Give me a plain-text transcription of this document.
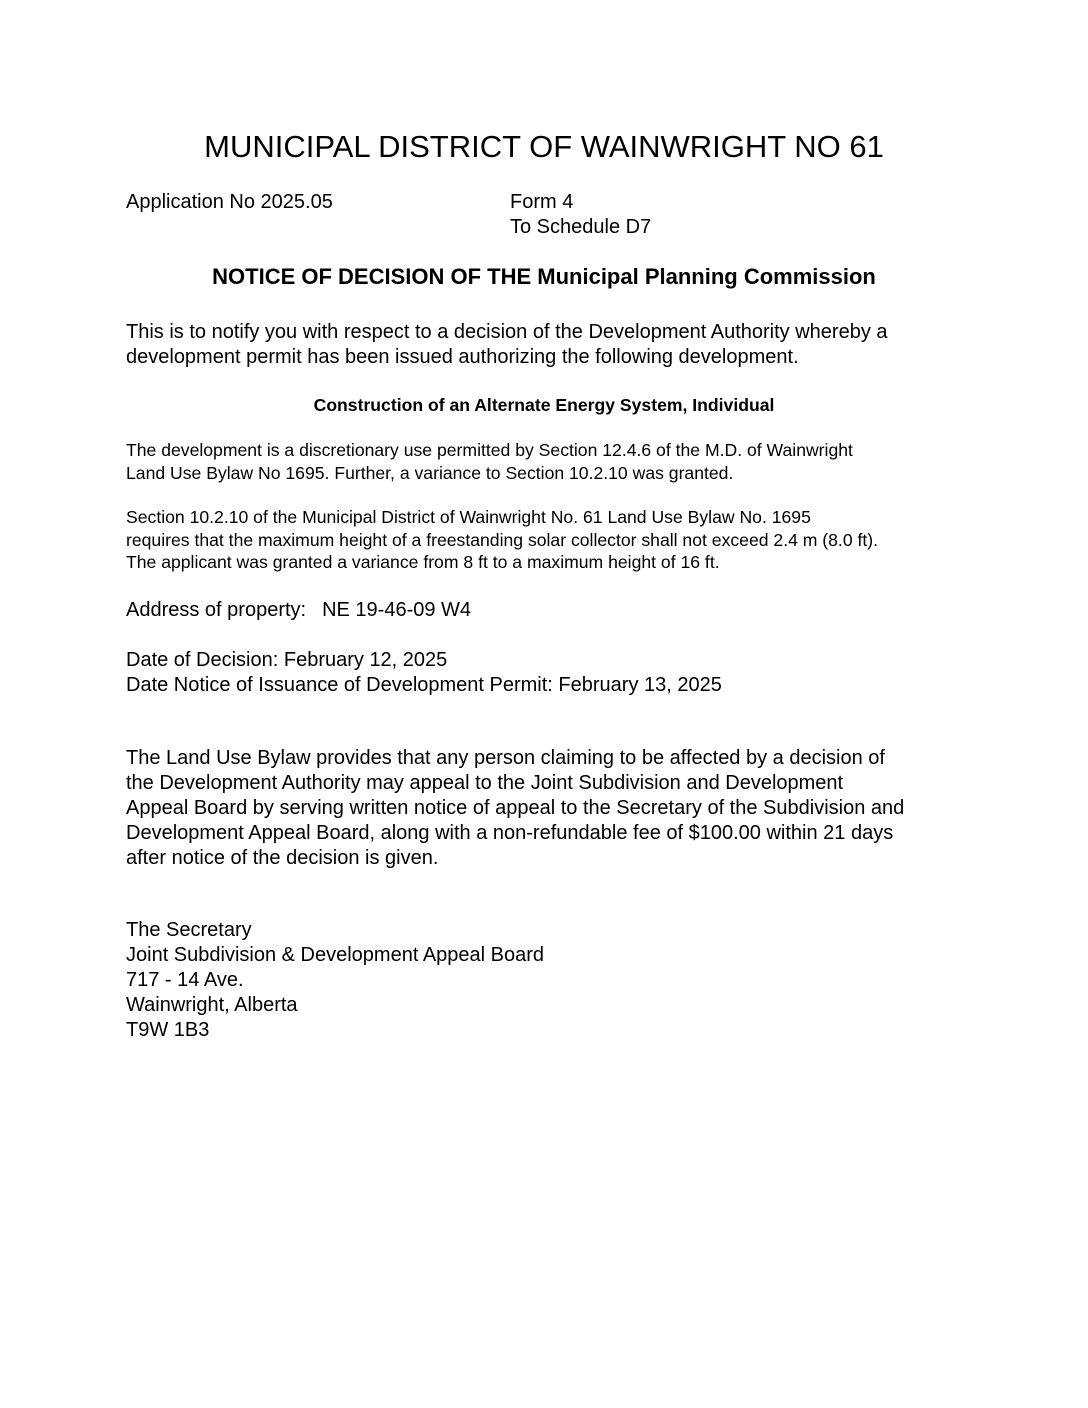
MUNICIPAL DISTRICT OF WAINWRIGHT NO 61
Application No 2025.05	Form 4
To Schedule D7
NOTICE OF DECISION OF THE Municipal Planning Commission

This is to notify you with respect to a decision of the Development Authority whereby a
development permit has been issued authorizing the following development.

Construction of an Alternate Energy System, Individual

The development is a discretionary use permitted by Section 12.4.6 of the M.D. of Wainwright
Land Use Bylaw No 1695. Further, a variance to Section 10.2.10 was granted.

Section 10.2.10 of the Municipal District of Wainwright No. 61 Land Use Bylaw No. 1695
requires that the maximum height of a freestanding solar collector shall not exceed 2.4 m (8.0 ft).
The applicant was granted a variance from 8 ft to a maximum height of 16 ft.

Address of property: NE 19-46-09 W4

Date of Decision: February 12, 2025
Date Notice of Issuance of Development Permit: February 13, 2025

The Land Use Bylaw provides that any person claiming to be affected by a decision of
the Development Authority may appeal to the Joint Subdivision and Development
Appeal Board by serving written notice of appeal to the Secretary of the Subdivision and
Development Appeal Board, along with a non-refundable fee of $100.00 within 21 days
after notice of the decision is given.

The Secretary
Joint Subdivision & Development Appeal Board
717 - 14 Ave.
Wainwright, Alberta
T9W 1B3
